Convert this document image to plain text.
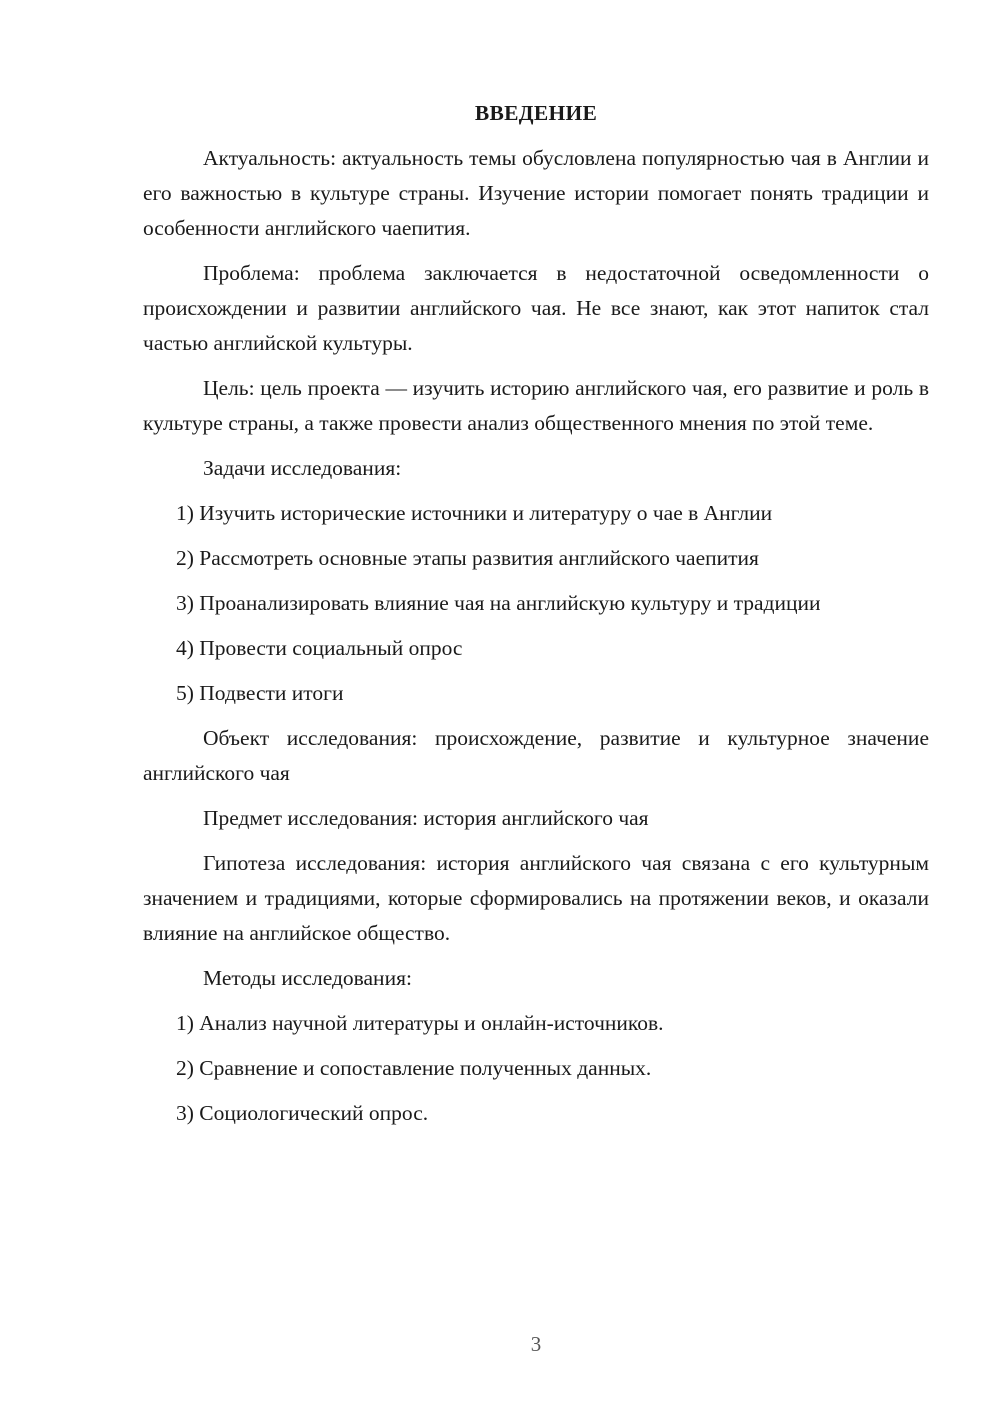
ВВЕДЕНИЕ

Актуальность: актуальность темы обусловлена популярностью чая в Англии и его важностью в культуре страны. Изучение истории помогает понять традиции и особенности английского чаепития.

Проблема: проблема заключается в недостаточной осведомленности о происхождении и развитии английского чая. Не все знают, как этот напиток стал частью английской культуры.

Цель: цель проекта — изучить историю английского чая, его развитие и роль в культуре страны, а также провести анализ общественного мнения по этой теме.

Задачи исследования:

1) Изучить исторические источники и литературу о чае в Англии
2) Рассмотреть основные этапы развития английского чаепития
3) Проанализировать влияние чая на английскую культуру и традиции
4) Провести социальный опрос
5) Подвести итоги

Объект исследования: происхождение, развитие и культурное значение английского чая

Предмет исследования: история английского чая

Гипотеза исследования: история английского чая связана с его культурным значением и традициями, которые сформировались на протяжении веков, и оказали влияние на английское общество.

Методы исследования:

1) Анализ научной литературы и онлайн-источников.
2) Сравнение и сопоставление полученных данных.
3) Социологический опрос.
3
